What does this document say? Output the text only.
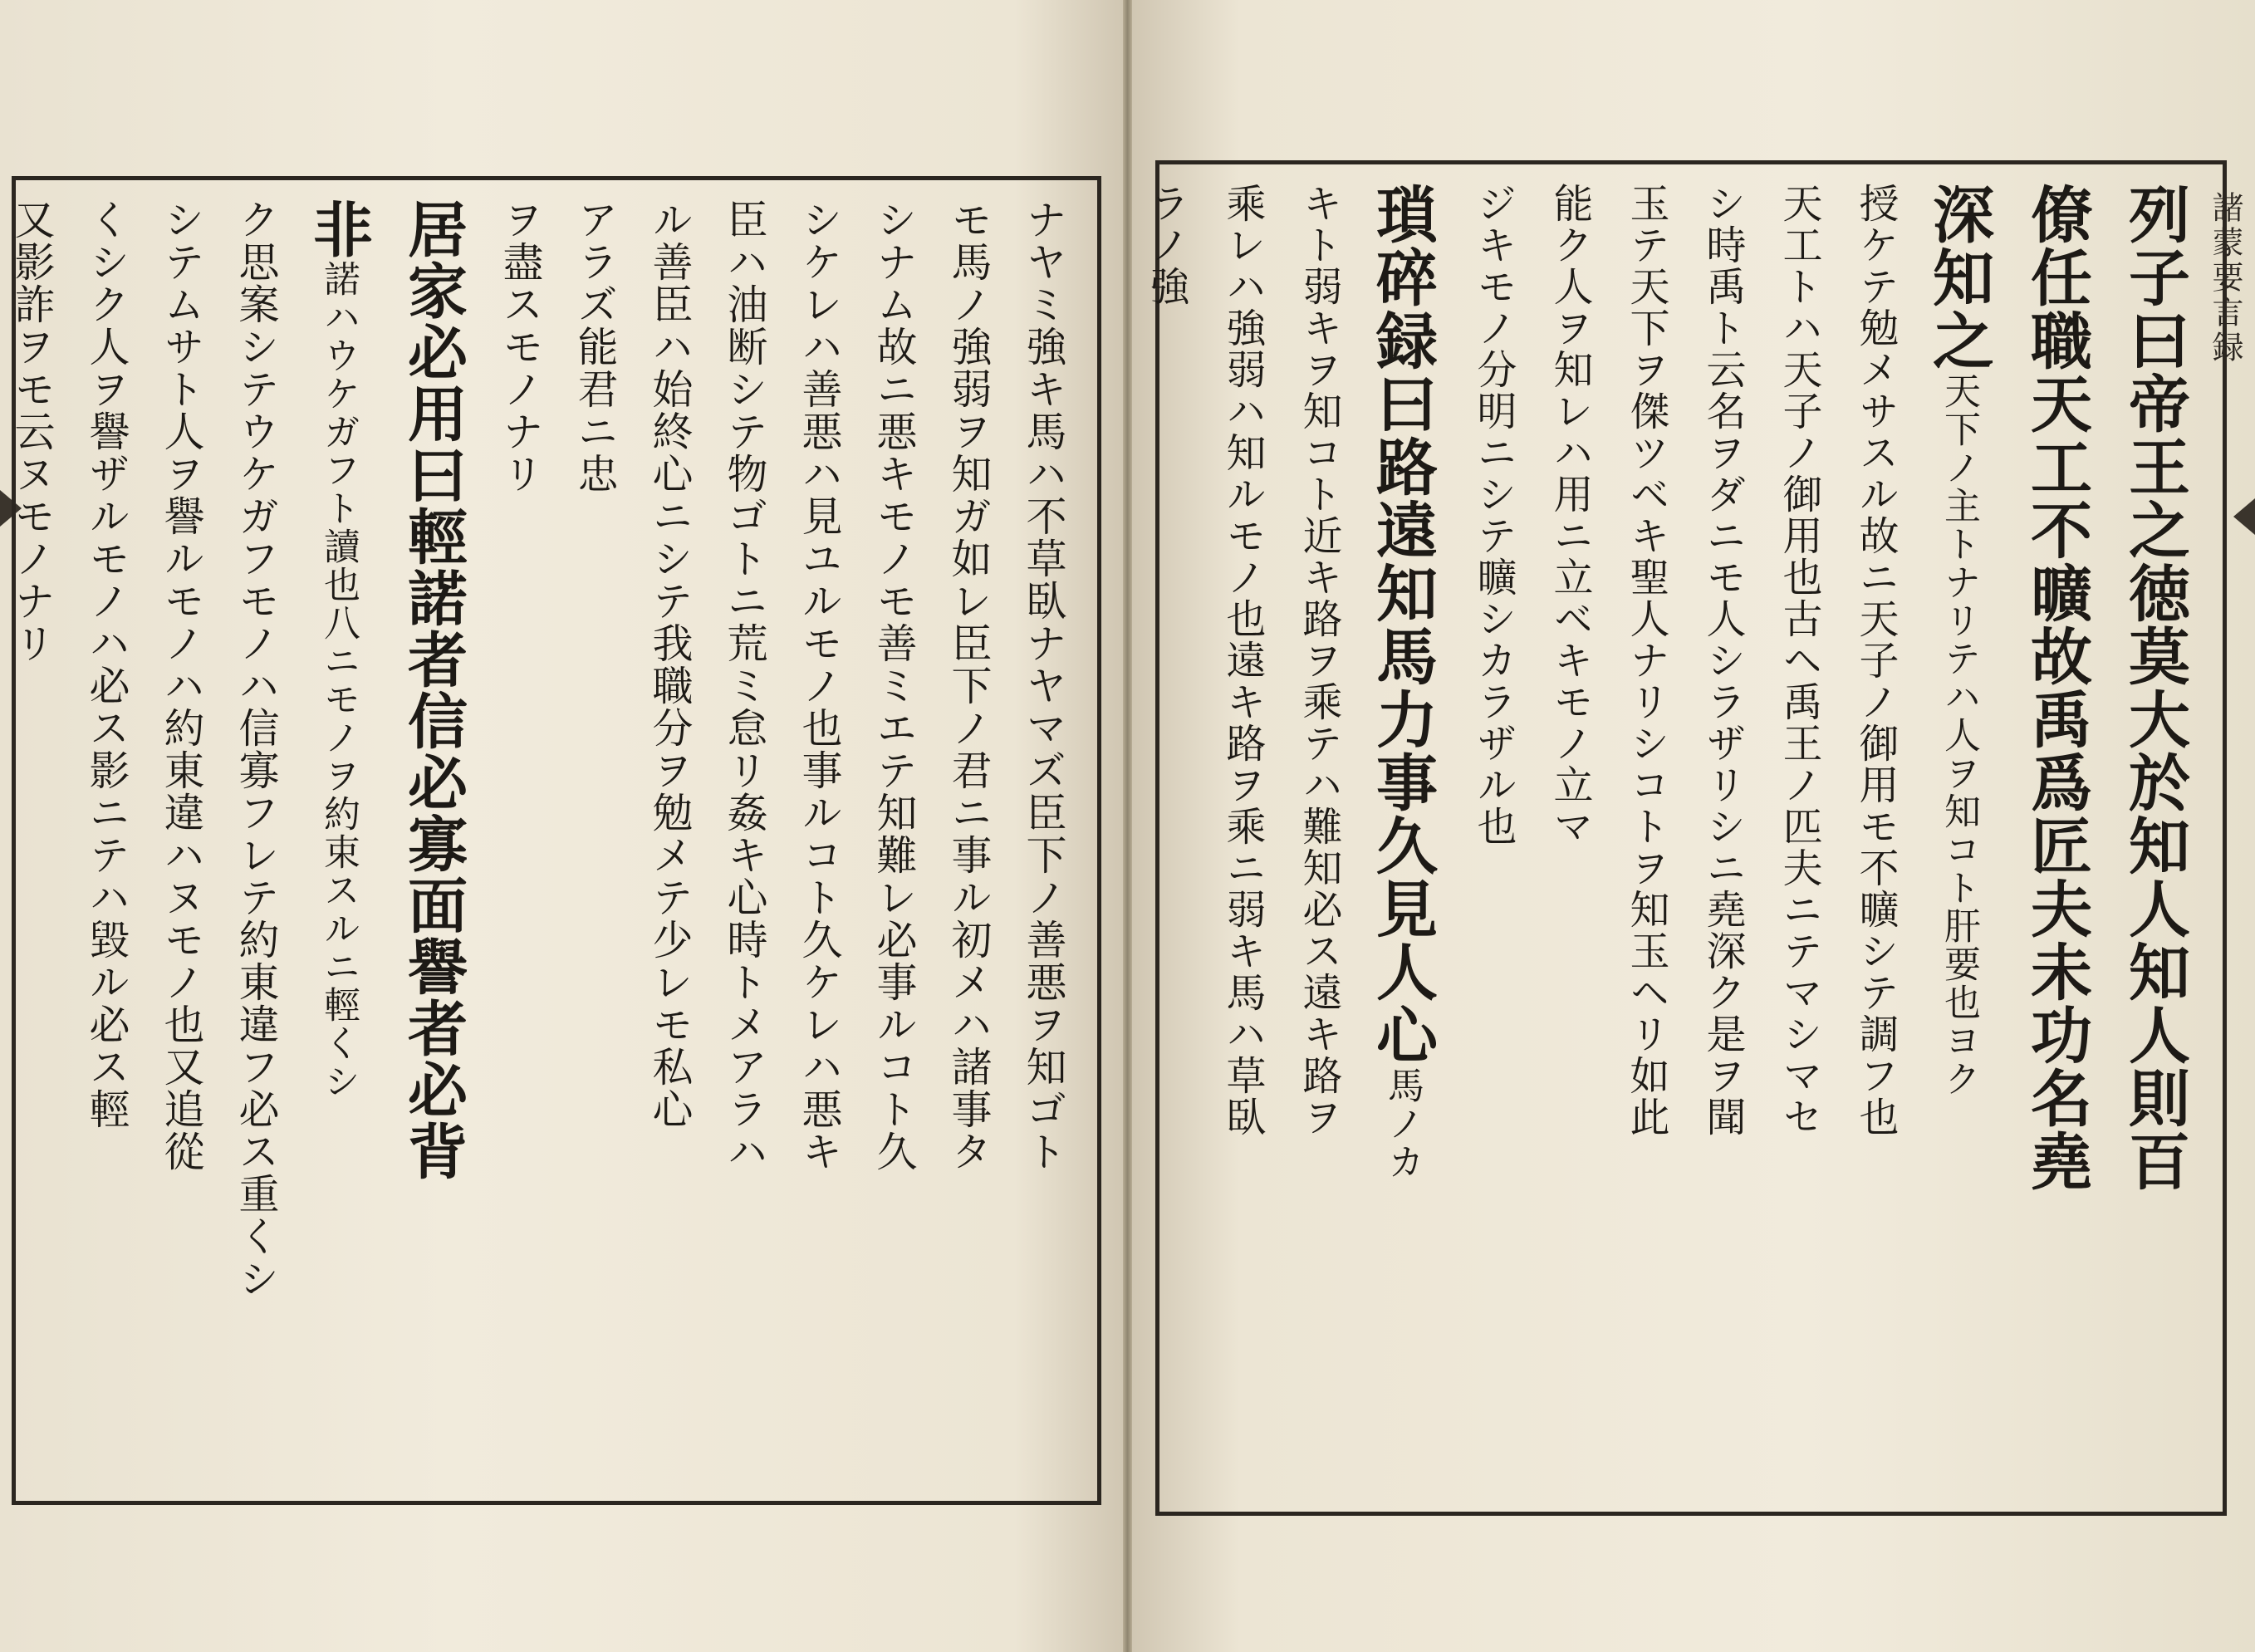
ナヤミ強キ馬ハ不草臥ナヤマズ臣下ノ善悪ヲ知ゴト
モ馬ノ強弱ヲ知ガ如レ臣下ノ君ニ事ル初メハ諸事タ
シナム故ニ悪キモノモ善ミエテ知難レ必事ルコト久
シケレハ善悪ハ見ユルモノ也事ルコト久ケレハ悪キ
臣ハ油断シテ物ゴトニ荒ミ怠リ姦キ心時トメアラハ
ル善臣ハ始終心ニシテ我職分ヲ勉メテ少レモ私心
アラズ能君ニ忠
ヲ盡スモノナリ
居家必用曰輕諾者信必寡面譽者必背
非諾ハウケガフト讀也八ニモノヲ約束スルニ輕くシ
ク思案シテウケガフモノハ信寡フレテ約東違フ必ス重くシ
シテムサト人ヲ譽ルモノハ約東違ハヌモノ也又追從
くシク人ヲ譽ザルモノハ必ス影ニテハ毀ル必ス輕
又影詐ヲモ云ヌモノナリ	諸蒙要言録
列子曰帝王之徳莫大於知人知人則百
僚任職天工不曠故禹爲匠夫未功名堯
深知之天下ノ主トナリテハ人ヲ知コト肝要也ヨク
授ケテ勉メサスル故ニ天子ノ御用モ不曠シテ調フ也
天工トハ天子ノ御用也古ヘ禹王ノ匹夫ニテマシマセ
シ時禹ト云名ヲダニモ人シラザリシニ堯深ク是ヲ聞
玉テ天下ヲ傑ツベキ聖人ナリシコトヲ知玉ヘリ如此
能ク人ヲ知レハ用ニ立ベキモノ立マ
ジキモノ分明ニシテ曠シカラザル也
瑣碎録曰路遠知馬力事久見人心馬ノカ
キト弱キヲ知コト近キ路ヲ乘テハ難知必ス遠キ路ヲ
乘レハ強弱ハ知ルモノ也遠キ路ヲ乘ニ弱キ馬ハ草臥
ラノ強
